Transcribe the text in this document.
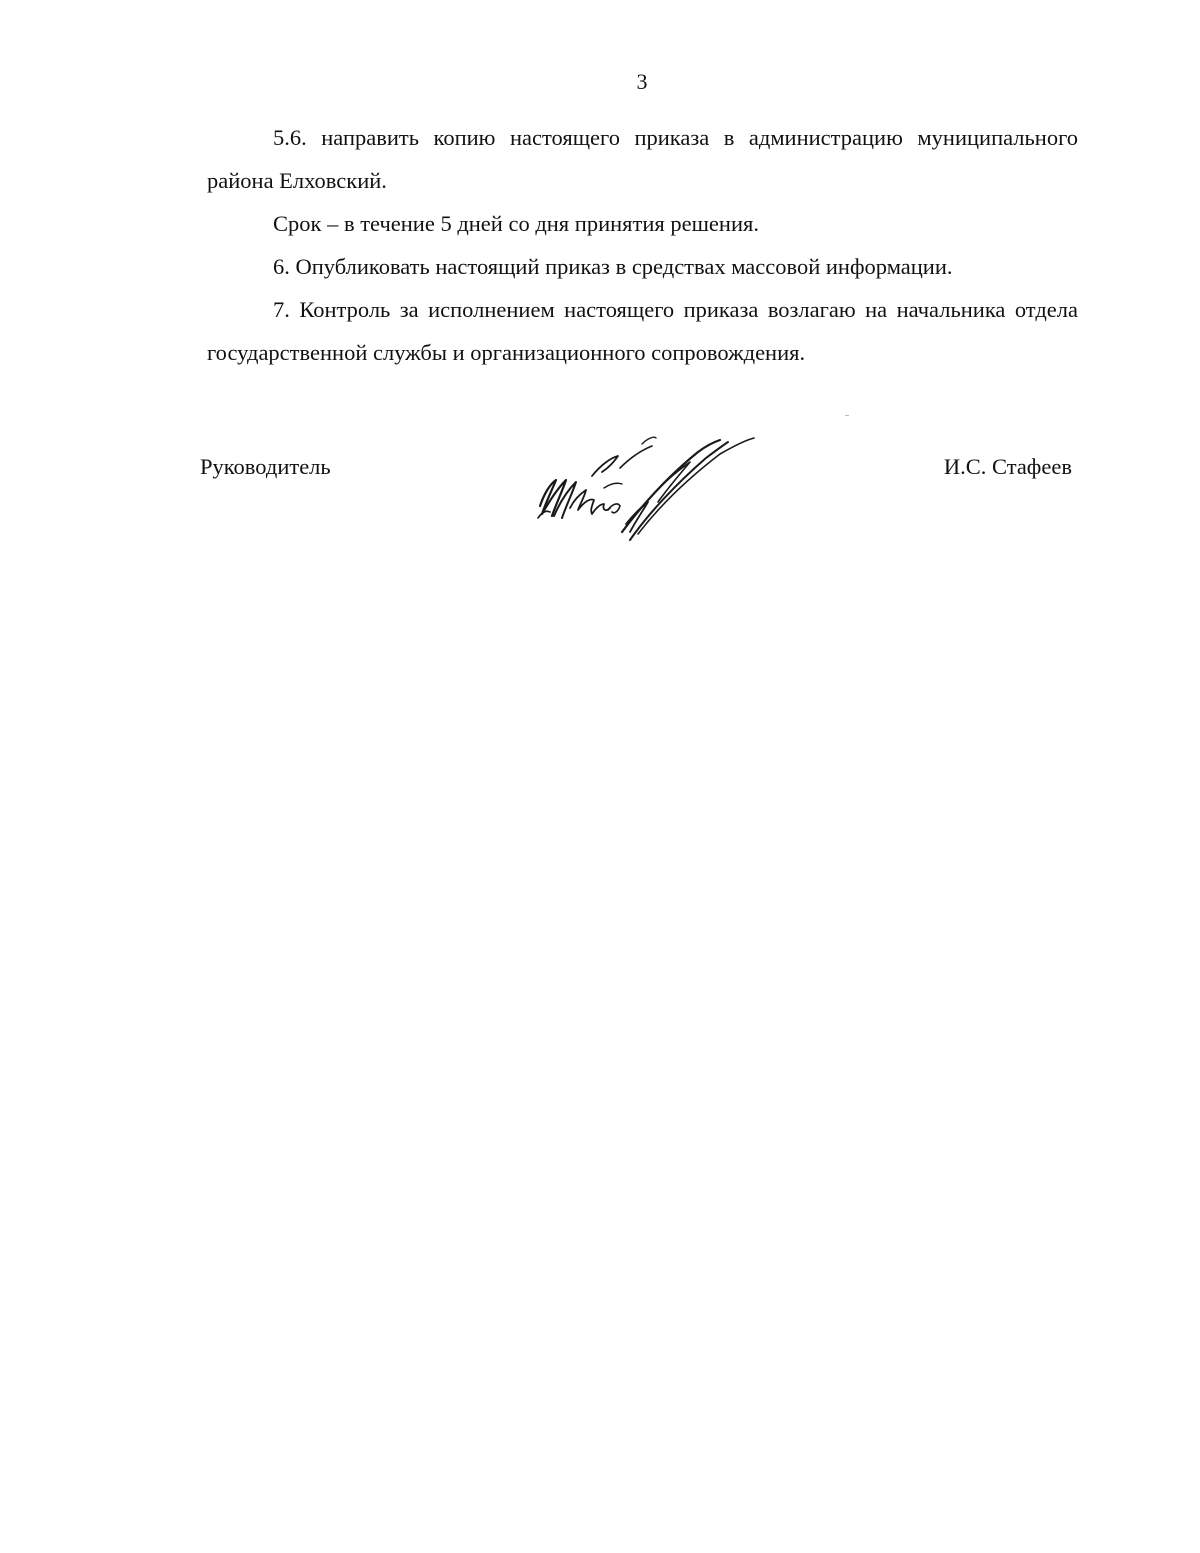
3

5.6. направить копию настоящего приказа в администрацию муниципального района Елховский.

Срок – в течение 5 дней со дня принятия решения.

6. Опубликовать настоящий приказ в средствах массовой информации.

7. Контроль за исполнением настоящего приказа возлагаю на начальника отдела государственной службы и организационного сопровождения.

Руководитель	И.С. Стафеев
